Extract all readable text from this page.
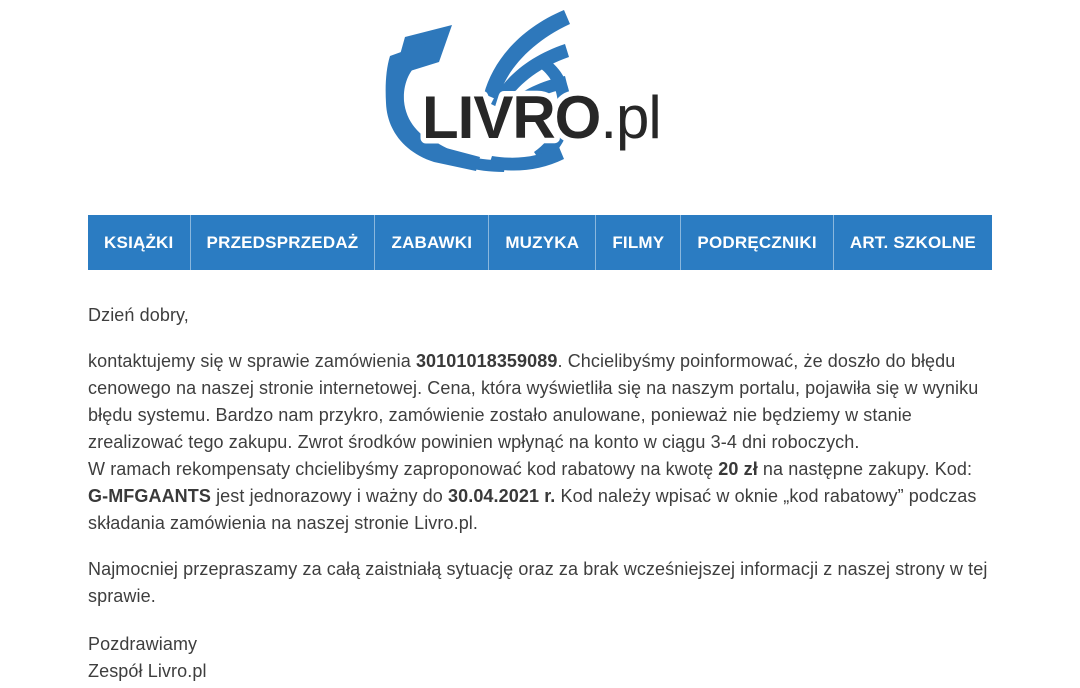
LIVRO.pl
KSIĄŻKI	PRZEDSPRZEDAŻ	ZABAWKI	MUZYKA	FILMY	PODRĘCZNIKI	ART. SZKOLNE

Dzień dobry,

kontaktujemy się w sprawie zamówienia 30101018359089. Chcielibyśmy poinformować, że doszło do błędu cenowego na naszej stronie internetowej. Cena, która wyświetliła się na naszym portalu, pojawiła się w wyniku błędu systemu. Bardzo nam przykro, zamówienie zostało anulowane, ponieważ nie będziemy w stanie zrealizować tego zakupu. Zwrot środków powinien wpłynąć na konto w ciągu 3-4 dni roboczych.
W ramach rekompensaty chcielibyśmy zaproponować kod rabatowy na kwotę 20 zł na następne zakupy. Kod: G-MFGAANTS jest jednorazowy i ważny do 30.04.2021 r. Kod należy wpisać w oknie „kod rabatowy” podczas składania zamówienia na naszej stronie Livro.pl.

Najmocniej przepraszamy za całą zaistniałą sytuację oraz za brak wcześniejszej informacji z naszej strony w tej sprawie.

Pozdrawiamy
Zespół Livro.pl
